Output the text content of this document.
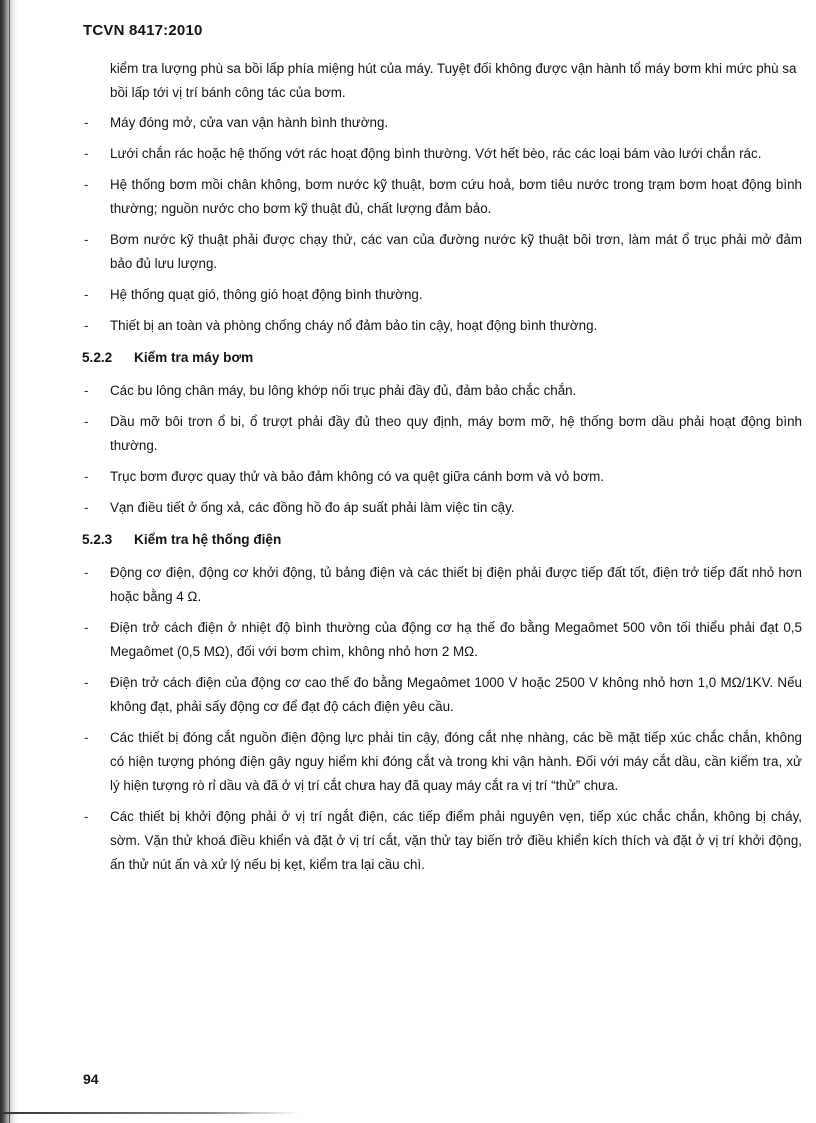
TCVN 8417:2010

kiểm tra lượng phù sa bồi lấp phía miệng hút của máy. Tuyệt đối không được vận hành tổ máy bơm khi mức phù sa bồi lấp tới vị trí bánh công tác của bơm.

-	Máy đóng mở, cửa van vận hành bình thường.
-	Lưới chắn rác hoặc hệ thống vớt rác hoạt động bình thường. Vớt hết bèo, rác các loại bám vào lưới chắn rác.
-	Hệ thống bơm mồi chân không, bơm nước kỹ thuật, bơm cứu hoả, bơm tiêu nước trong trạm bơm hoạt động bình thường; nguồn nước cho bơm kỹ thuật đủ, chất lượng đảm bảo.
-	Bơm nước kỹ thuật phải được chạy thử, các van của đường nước kỹ thuật bôi trơn, làm mát ổ trục phải mở đảm bảo đủ lưu lượng.
-	Hệ thống quạt gió, thông gió hoạt động bình thường.
-	Thiết bị an toàn và phòng chống cháy nổ đảm bảo tin cậy, hoạt động bình thường.
5.2.2 Kiểm tra máy bơm
-	Các bu lông chân máy, bu lông khớp nối trục phải đầy đủ, đảm bảo chắc chắn.
-	Dầu mỡ bôi trơn ổ bi, ổ trượt phải đầy đủ theo quy định, máy bơm mỡ, hệ thống bơm dầu phải hoạt động bình thường.
-	Trục bơm được quay thử và bảo đảm không có va quệt giữa cánh bơm và vỏ bơm.
-	Vạn điều tiết ở ống xả, các đồng hồ đo áp suất phải làm việc tin cậy.
5.2.3 Kiểm tra hệ thống điện
-	Động cơ điện, động cơ khởi động, tủ bảng điện và các thiết bị điện phải được tiếp đất tốt, điện trở tiếp đất nhỏ hơn hoặc bằng 4 Ω.
-	Điện trở cách điện ở nhiệt độ bình thường của động cơ hạ thế đo bằng Megaômet 500 vôn tối thiểu phải đạt 0,5 Megaômet (0,5 MΩ), đối với bơm chìm, không nhỏ hơn 2 MΩ.
-	Điện trở cách điện của động cơ cao thế đo bằng Megaômet 1000 V hoặc 2500 V không nhỏ hơn 1,0 MΩ/1KV. Nếu không đạt, phải sấy động cơ để đạt độ cách điện yêu cầu.
-	Các thiết bị đóng cắt nguồn điện động lực phải tin cậy, đóng cắt nhẹ nhàng, các bề mặt tiếp xúc chắc chắn, không có hiện tượng phóng điện gây nguy hiểm khi đóng cắt và trong khi vận hành. Đối với máy cắt dầu, cần kiểm tra, xử lý hiện tượng rò rỉ dầu và đã ở vị trí cắt chưa hay đã quay máy cắt ra vị trí “thử” chưa.
-	Các thiết bị khởi động phải ở vị trí ngắt điện, các tiếp điểm phải nguyên vẹn, tiếp xúc chắc chắn, không bị cháy, sờm. Vặn thử khoá điều khiển và đặt ở vị trí cắt, vặn thử tay biến trở điều khiển kích thích và đặt ở vị trí khởi động, ấn thử nút ấn và xử lý nếu bị kẹt, kiểm tra lại cầu chì.
94
